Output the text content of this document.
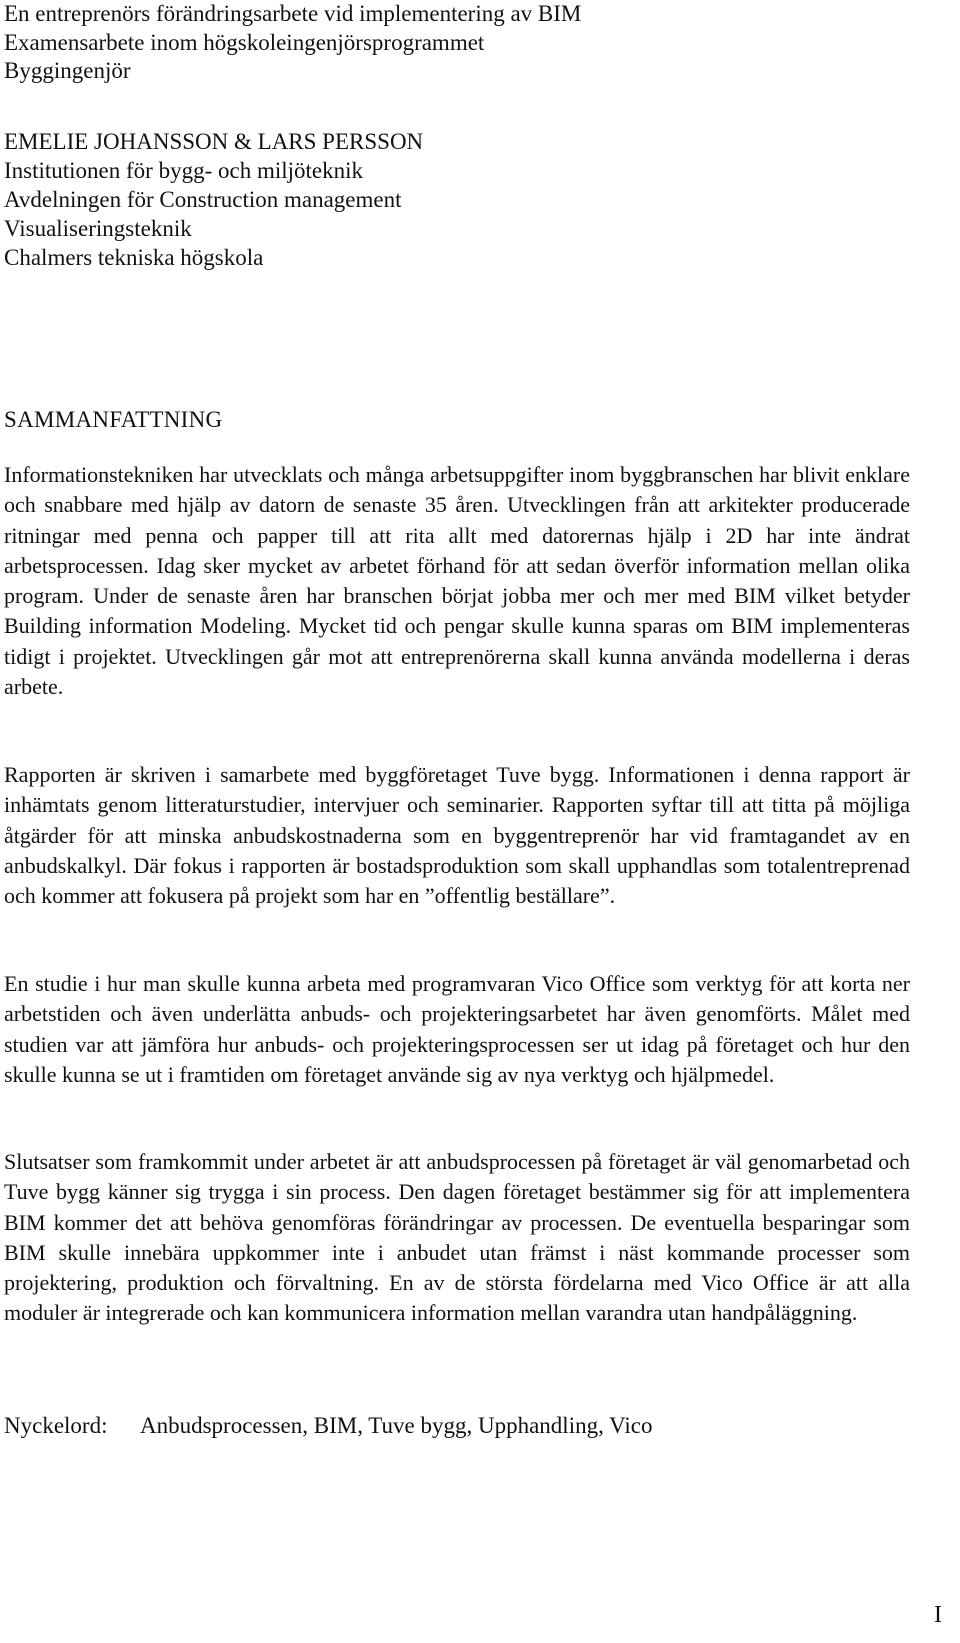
En entreprenörs förändringsarbete vid implementering av BIM
Examensarbete inom högskoleingenjörsprogrammet
Byggingenjör
EMELIE JOHANSSON & LARS PERSSON
Institutionen för bygg- och miljöteknik
Avdelningen för Construction management
Visualiseringsteknik
Chalmers tekniska högskola
SAMMANFATTNING

Informationstekniken har utvecklats och många arbetsuppgifter inom byggbranschen har blivit enklare och snabbare med hjälp av datorn de senaste 35 åren. Utvecklingen från att arkitekter producerade ritningar med penna och papper till att rita allt med datorernas hjälp i 2D har inte ändrat arbetsprocessen. Idag sker mycket av arbetet förhand för att sedan överför information mellan olika program. Under de senaste åren har branschen börjat jobba mer och mer med BIM vilket betyder Building information Modeling. Mycket tid och pengar skulle kunna sparas om BIM implementeras tidigt i projektet. Utvecklingen går mot att entreprenörerna skall kunna använda modellerna i deras arbete.

Rapporten är skriven i samarbete med byggföretaget Tuve bygg. Informationen i denna rapport är inhämtats genom litteraturstudier, intervjuer och seminarier. Rapporten syftar till att titta på möjliga åtgärder för att minska anbudskostnaderna som en byggentreprenör har vid framtagandet av en anbudskalkyl. Där fokus i rapporten är bostadsproduktion som skall upphandlas som totalentreprenad och kommer att fokusera på projekt som har en ”offentlig beställare”.

En studie i hur man skulle kunna arbeta med programvaran Vico Office som verktyg för att korta ner arbetstiden och även underlätta anbuds- och projekteringsarbetet har även genomförts. Målet med studien var att jämföra hur anbuds- och projekteringsprocessen ser ut idag på företaget och hur den skulle kunna se ut i framtiden om företaget använde sig av nya verktyg och hjälpmedel.

Slutsatser som framkommit under arbetet är att anbudsprocessen på företaget är väl genomarbetad och Tuve bygg känner sig trygga i sin process. Den dagen företaget bestämmer sig för att implementera BIM kommer det att behöva genomföras förändringar av processen. De eventuella besparingar som BIM skulle innebära uppkommer inte i anbudet utan främst i näst kommande processer som projektering, produktion och förvaltning. En av de största fördelarna med Vico Office är att alla moduler är integrerade och kan kommunicera information mellan varandra utan handpåläggning.

Nyckelord: Anbudsprocessen, BIM, Tuve bygg, Upphandling, Vico
I
